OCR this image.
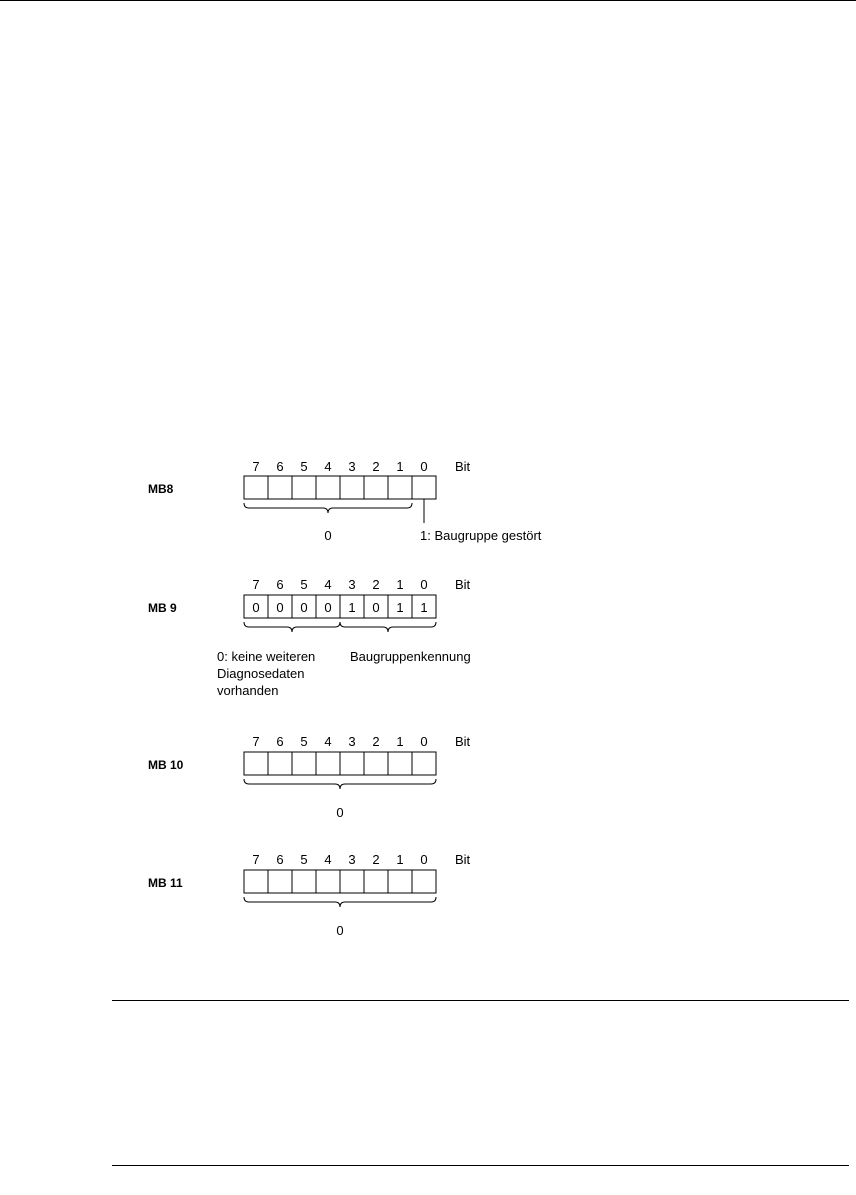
7 6 5 4 3 2 1 0 Bit
MB8
7 6 5 4 3 2 1 0 Bit
MB 9	0 0 0 0 1 0 1 1
7 6 5 4 3 2 1 0 Bit
MB 10
7 6 5 4 3 2 1 0 Bit
MB 11
0	1: Baugruppe gestört
0: keine weiteren
Diagnosedaten
vorhanden
Baugruppenkennung
0
0
